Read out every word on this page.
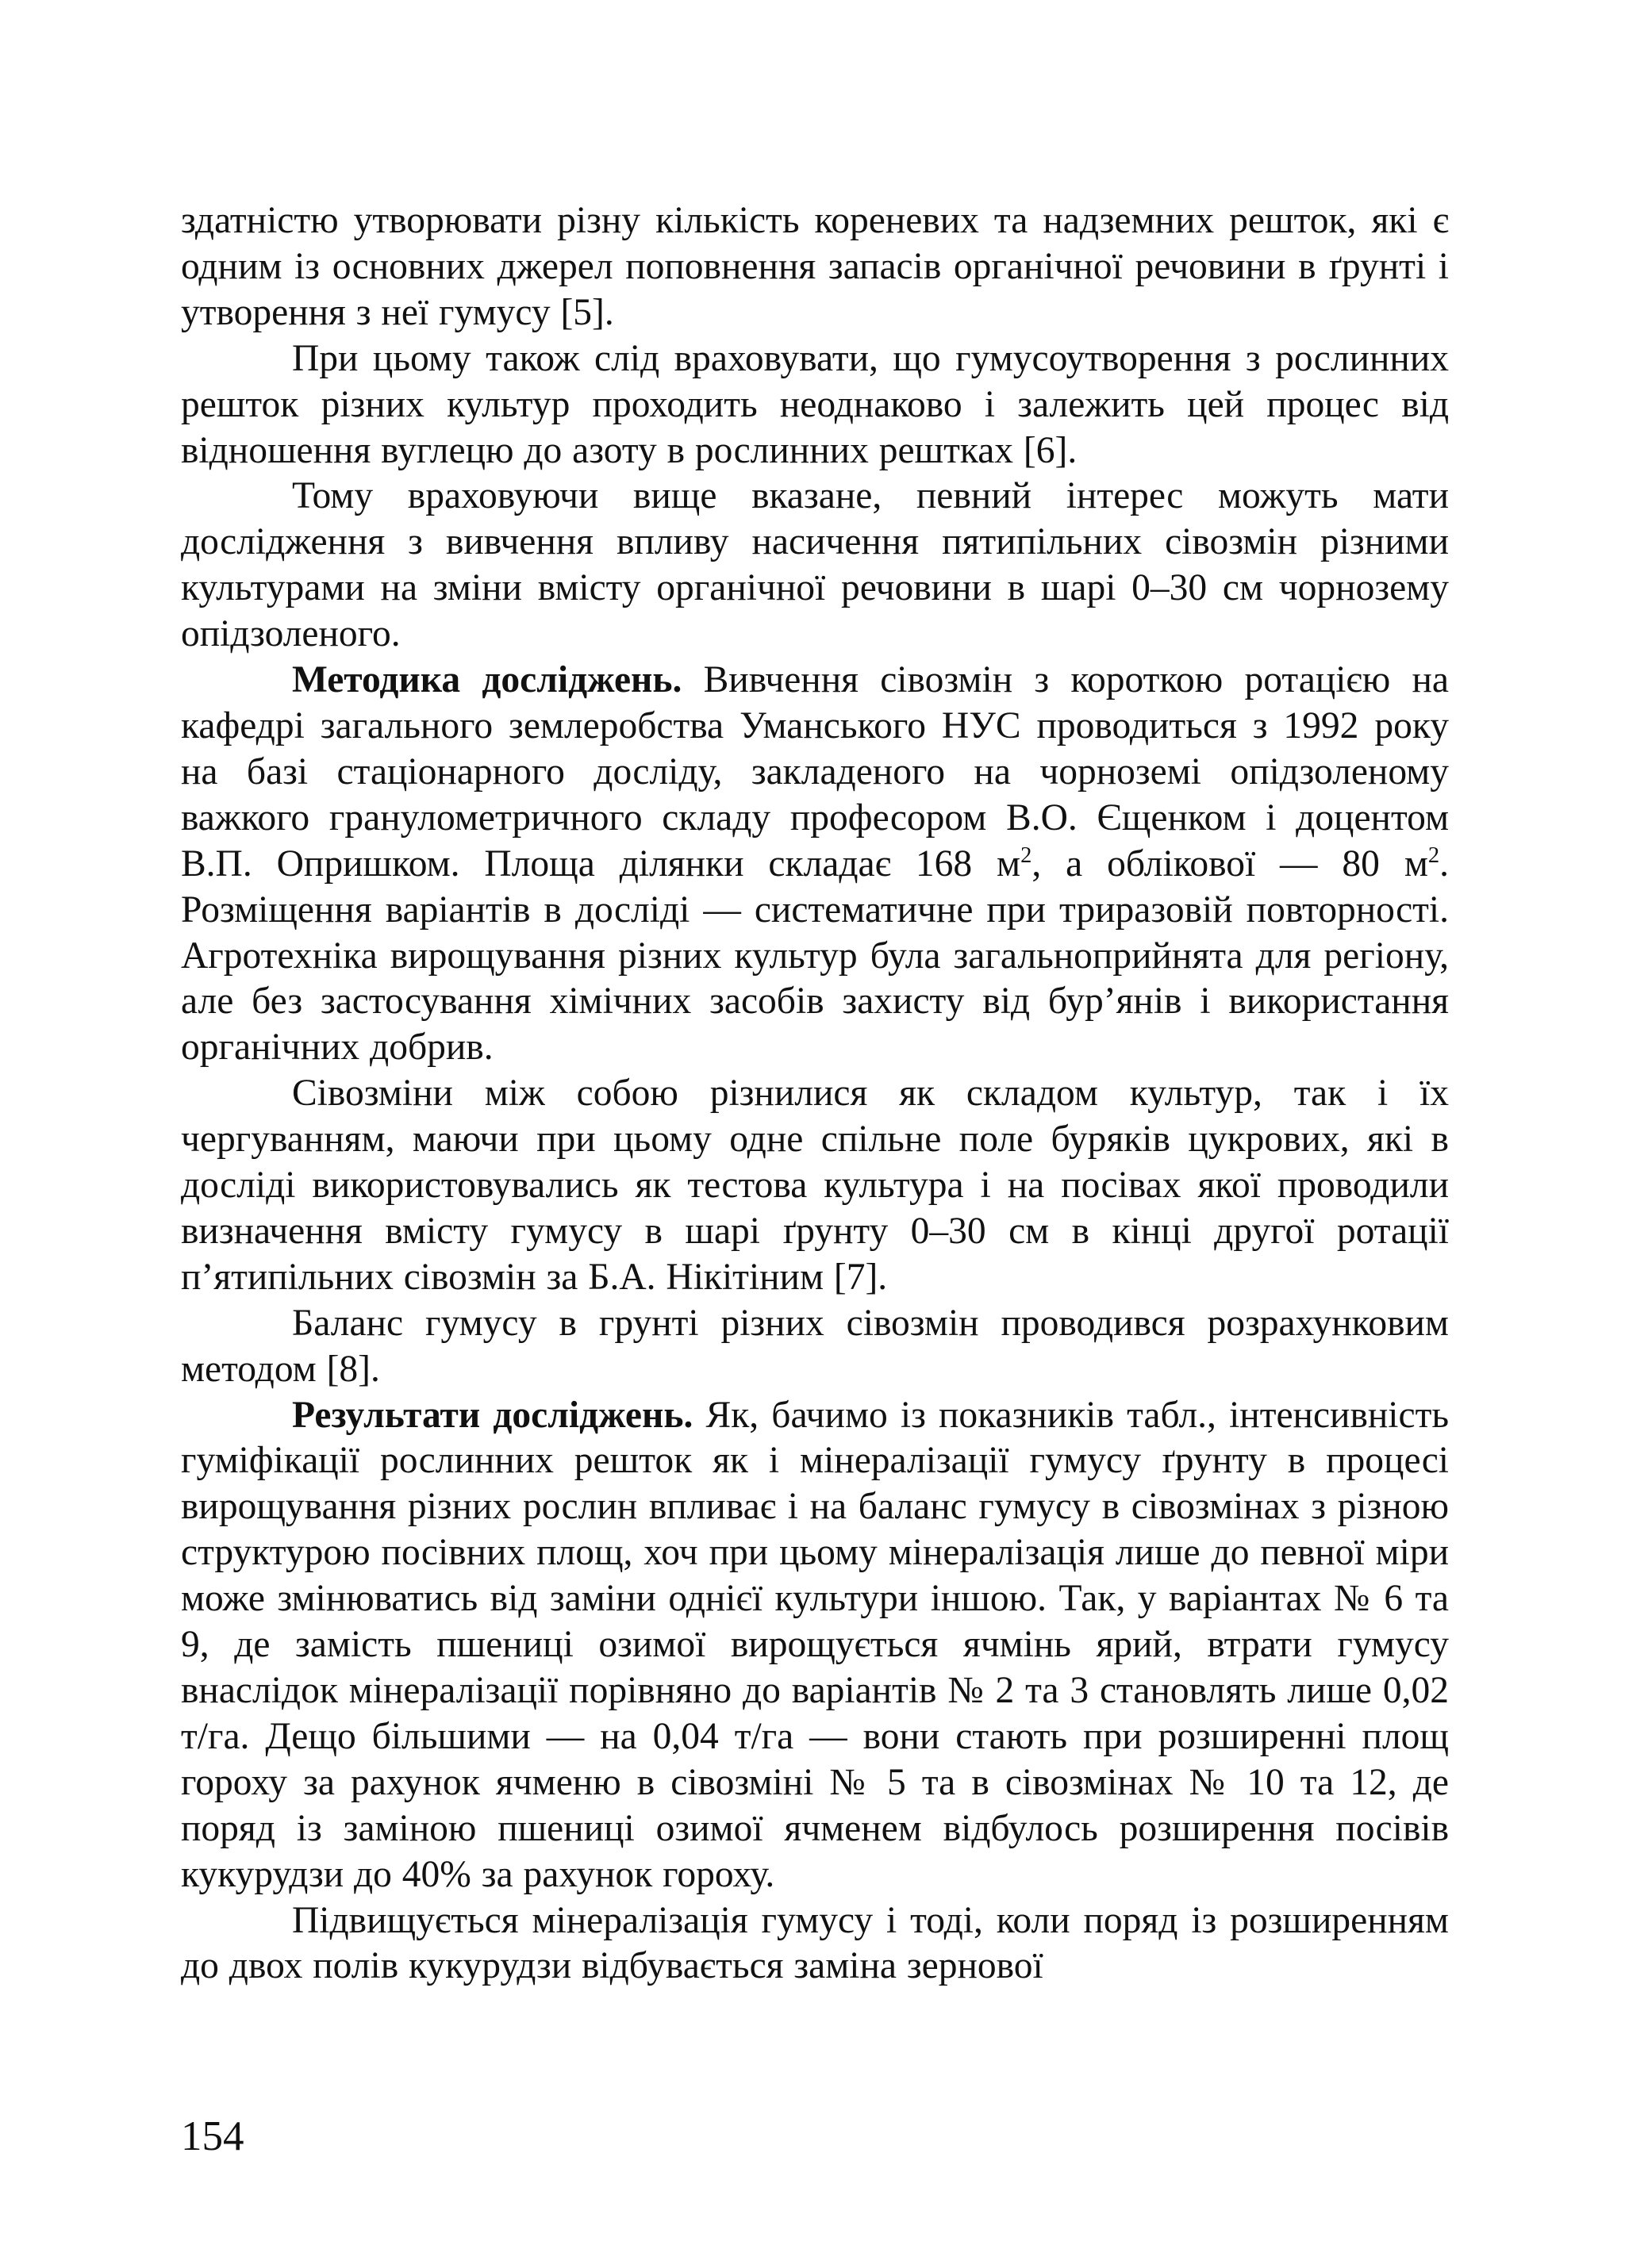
здатністю утворювати різну кількість кореневих та надземних решток, які є одним із основних джерел поповнення запасів органічної речовини в ґрунті і утворення з неї гумусу [5].

При цьому також слід враховувати, що гумусоутворення з рослинних решток різних культур проходить неоднаково і залежить цей процес від відношення вуглецю до азоту в рослинних рештках [6].

Тому враховуючи вище вказане, певний інтерес можуть мати дослідження з вивчення впливу насичення пятипільних сівозмін різними культурами на зміни вмісту органічної речовини в шарі 0–30 см чорнозему опідзоленого.

Методика досліджень. Вивчення сівозмін з короткою ротацією на кафедрі загального землеробства Уманського НУС проводиться з 1992 року на базі стаціонарного досліду, закладеного на чорноземі опідзоленому важкого гранулометричного складу професором В.О. Єщенком і доцентом В.П. Опришком. Площа ділянки складає 168 $м^2$, а облікової — 80 $м^2$. Розміщення варіантів в досліді — систематичне при триразовій повторності. Агротехніка вирощування різних культур була загальноприйнята для регіону, але без застосування хімічних засобів захисту від бур’янів і використання органічних добрив.

Сівозміни між собою різнилися як складом культур, так і їх чергуванням, маючи при цьому одне спільне поле буряків цукрових, які в досліді використовувались як тестова культура і на посівах якої проводили визначення вмісту гумусу в шарі ґрунту 0–30 см в кінці другої ротації п’ятипільних сівозмін за Б.А. Нікітіним [7].

Баланс гумусу в грунті різних сівозмін проводився розрахунковим методом [8].

Результати досліджень. Як, бачимо із показників табл., інтенсивність гуміфікації рослинних решток як і мінералізації гумусу ґрунту в процесі вирощування різних рослин впливає і на баланс гумусу в сівозмінах з різною структурою посівних площ, хоч при цьому мінералізація лише до певної міри може змінюватись від заміни однієї культури іншою. Так, у варіантах № 6 та 9, де замість пшениці озимої вирощується ячмінь ярий, втрати гумусу внаслідок мінералізації порівняно до варіантів № 2 та 3 становлять лише 0,02 т/га. Дещо більшими — на 0,04 т/га — вони стають при розширенні площ гороху за рахунок ячменю в сівозміні № 5 та в сівозмінах № 10 та 12, де поряд із заміною пшениці озимої ячменем відбулось розширення посівів кукурудзи до 40% за рахунок гороху.

Підвищується мінералізація гумусу і тоді, коли поряд із розширенням до двох полів кукурудзи відбувається заміна зернової

154
